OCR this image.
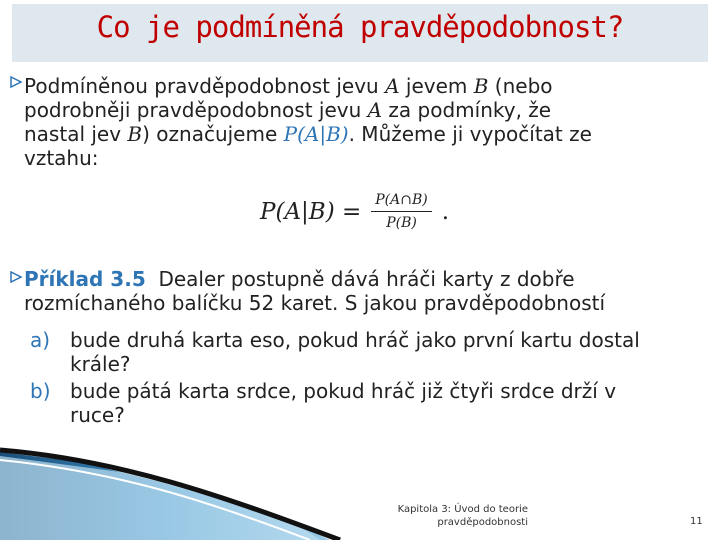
Co je podmíněná pravděpodobnost?
Podmíněnou pravděpodobnost jevu A jevem B (nebo
podrobněji pravděpodobnost jevu A za podmínky, že
nastal jev B) označujeme P(A|B). Můžeme ji vypočítat ze
vztahu:
$P(A|B) = \frac{P(A\cap B)}{P(B)}$ .
Příklad 3.5 Dealer postupně dává hráči karty z dobře
rozmíchaného balíčku 52 karet. S jakou pravděpodobností
a) bude druhá karta eso, pokud hráč jako první kartu dostal
krále?
b) bude pátá karta srdce, pokud hráč již čtyři srdce drží v
ruce?
Kapitola 3: Úvod do teorie
pravděpodobnosti	11
